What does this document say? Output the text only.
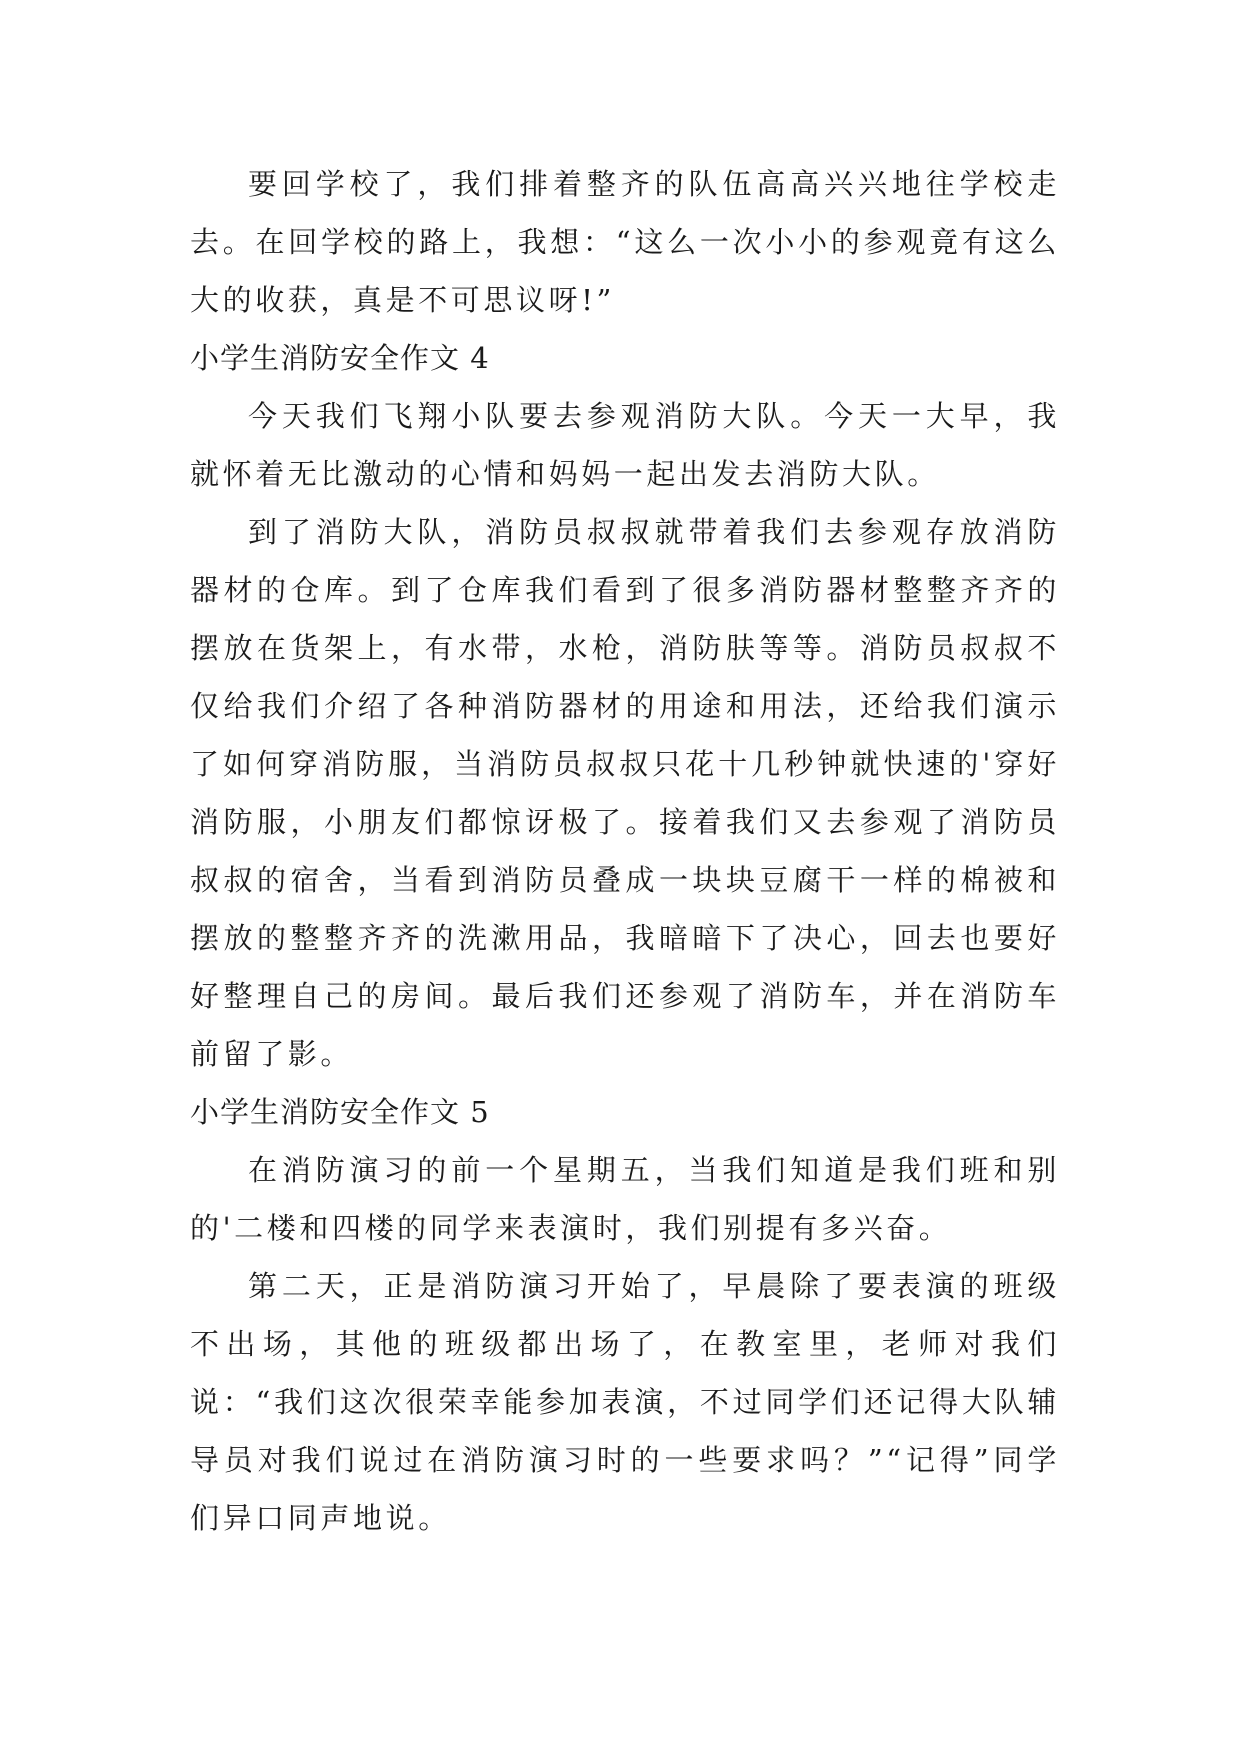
要回学校了，我们排着整齐的队伍高高兴兴地往学校走去。在回学校的路上，我想：“这么一次小小的参观竟有这么大的收获，真是不可思议呀!”

小学生消防安全作文 4

今天我们飞翔小队要去参观消防大队。今天一大早，我就怀着无比激动的心情和妈妈一起出发去消防大队。

到了消防大队，消防员叔叔就带着我们去参观存放消防器材的仓库。到了仓库我们看到了很多消防器材整整齐齐的摆放在货架上，有水带，水枪，消防肤等等。消防员叔叔不仅给我们介绍了各种消防器材的用途和用法，还给我们演示了如何穿消防服，当消防员叔叔只花十几秒钟就快速的'穿好消防服，小朋友们都惊讶极了。接着我们又去参观了消防员叔叔的宿舍，当看到消防员叠成一块块豆腐干一样的棉被和摆放的整整齐齐的洗漱用品，我暗暗下了决心，回去也要好好整理自己的房间。最后我们还参观了消防车，并在消防车前留了影。

小学生消防安全作文 5

在消防演习的前一个星期五，当我们知道是我们班和别的'二楼和四楼的同学来表演时，我们别提有多兴奋。

第二天，正是消防演习开始了，早晨除了要表演的班级不出场，其他的班级都出场了，在教室里，老师对我们说：“我们这次很荣幸能参加表演，不过同学们还记得大队辅导员对我们说过在消防演习时的一些要求吗？”“记得”同学们异口同声地说。
